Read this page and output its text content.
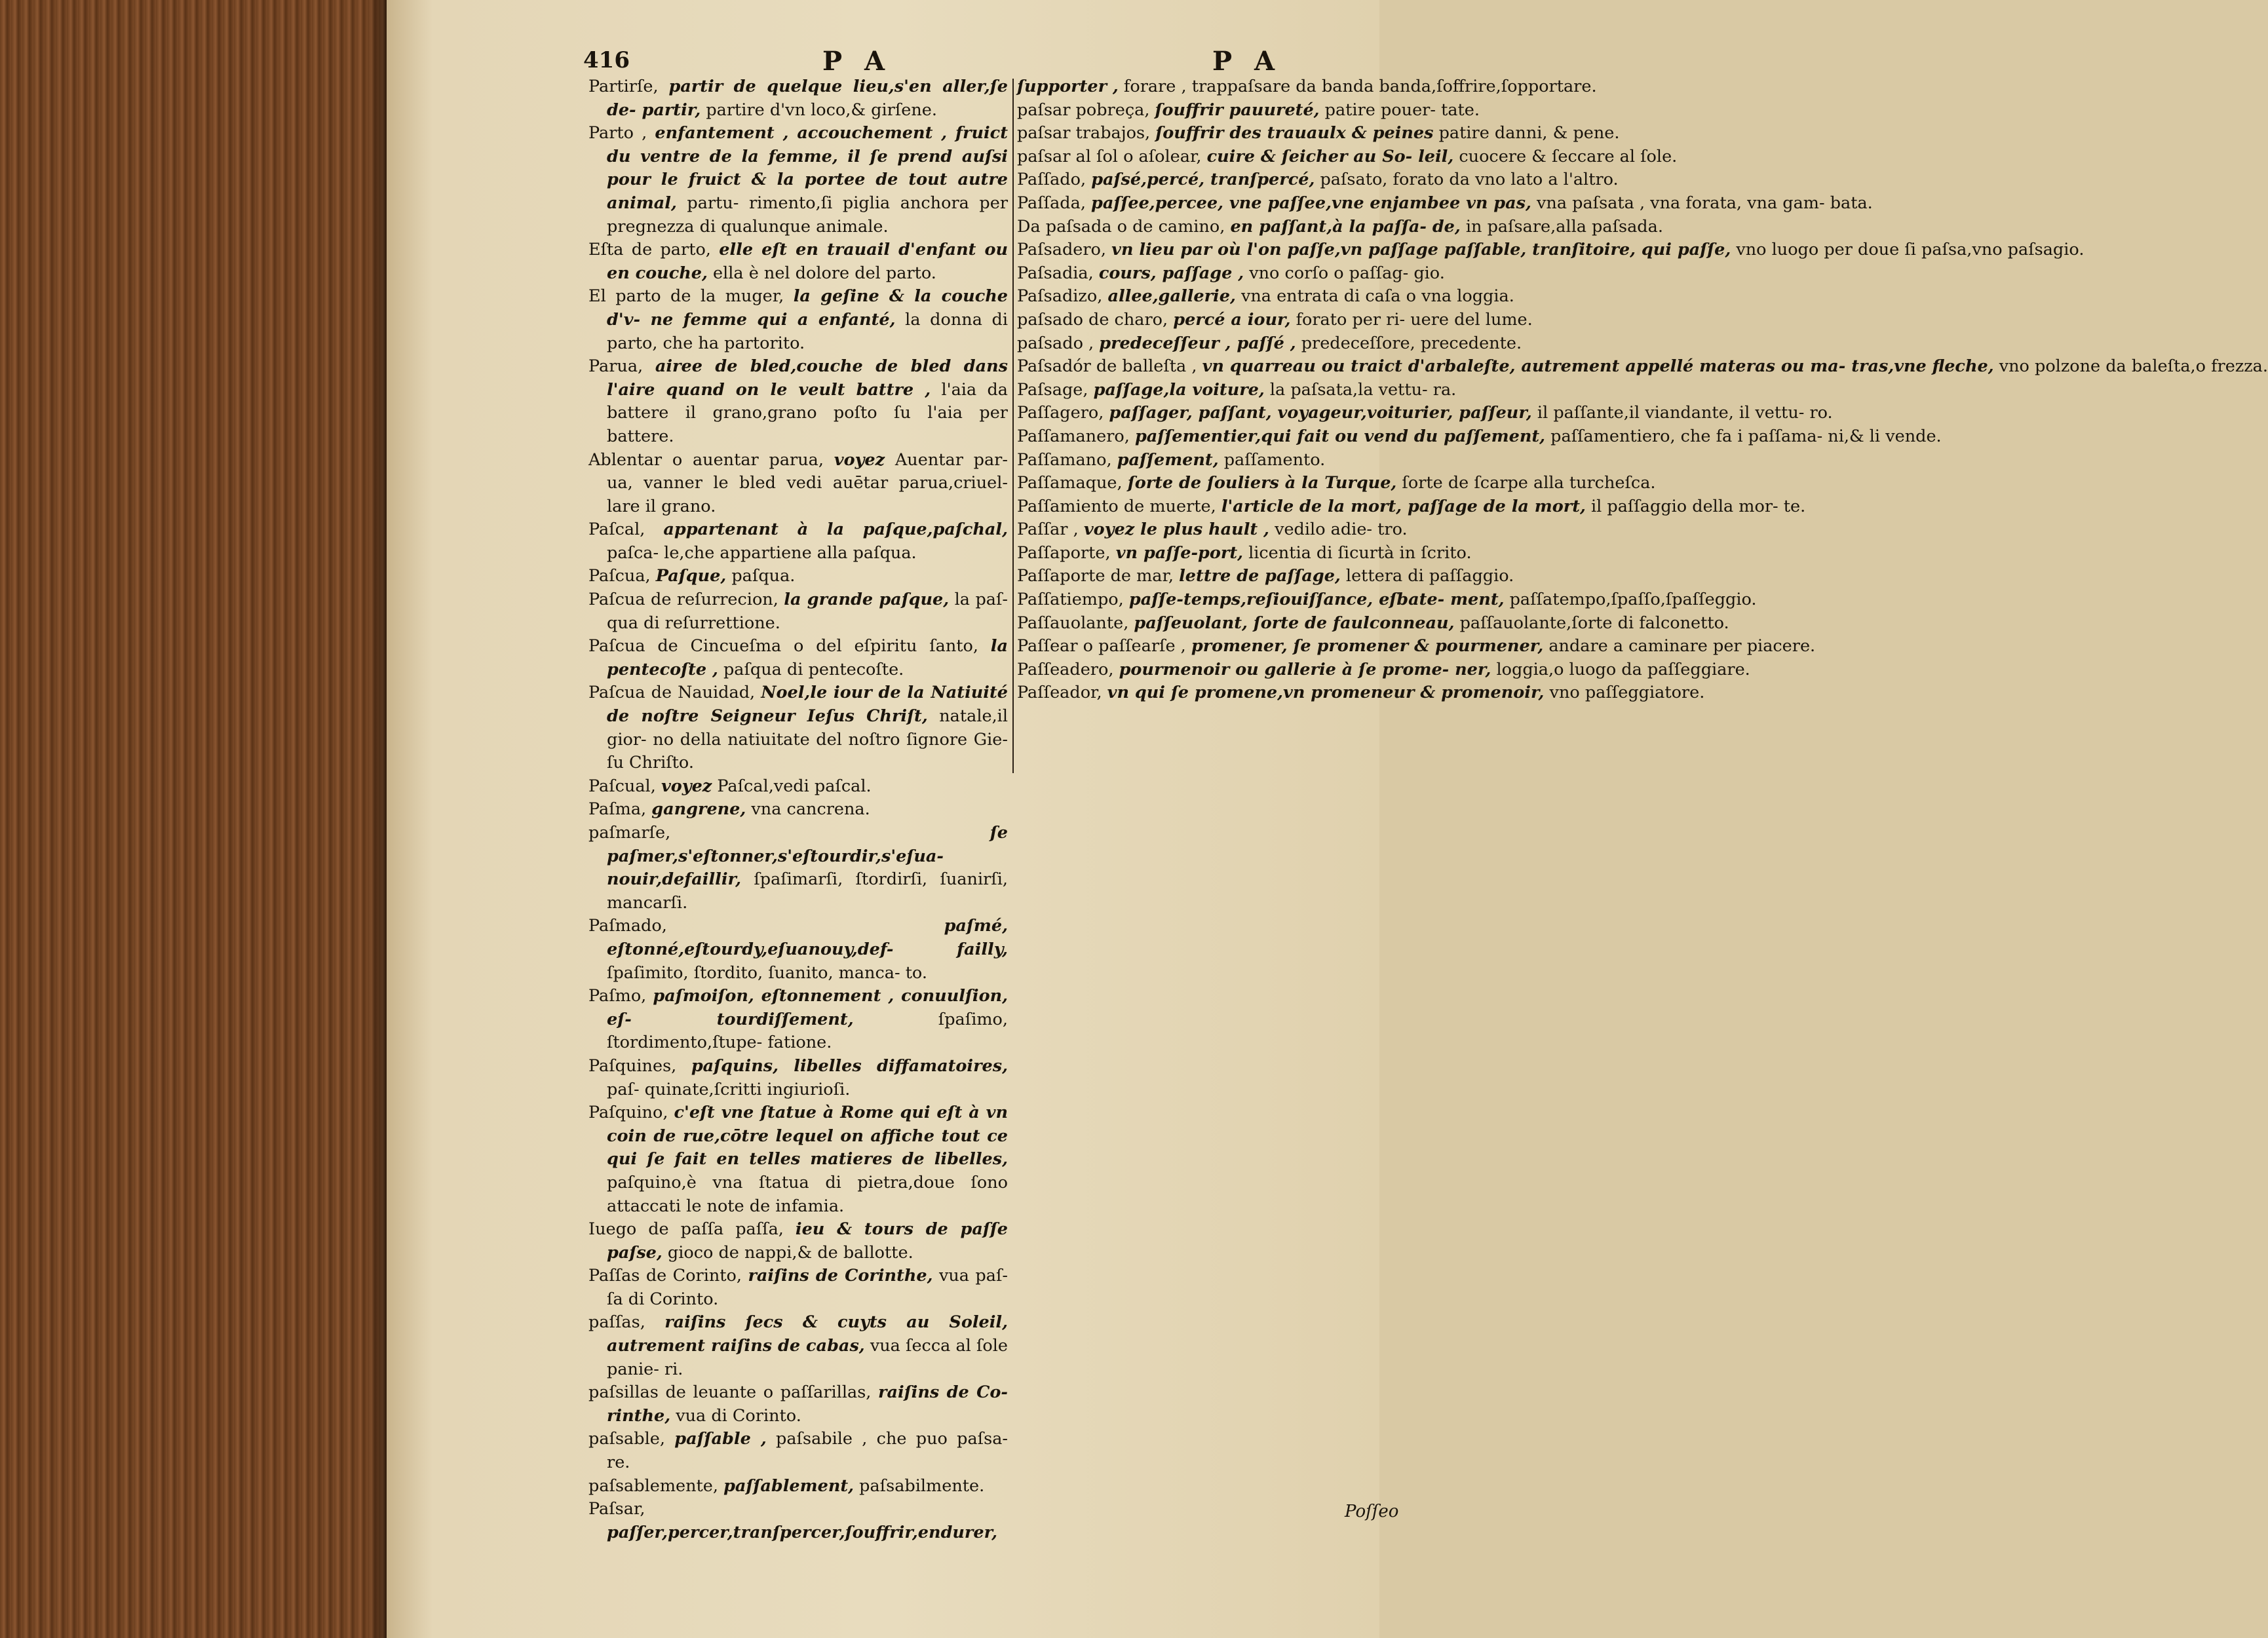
416	P A	P A
Partirſe, partir de quelque lieu,s'en aller,ſe de- partir, partire d'vn loco,& girſene.
Parto , enfantement , accouchement , fruict du ventre de la femme, il ſe prend auſsi pour le fruict & la portee de tout autre animal, partu- rimento,ſi piglia anchora per pregnezza di qualunque animale.
Eſta de parto, elle eſt en trauail d'enfant ou en couche, ella è nel dolore del parto.
El parto de la muger, la geſine & la couche d'v- ne femme qui a enfanté, la donna di parto, che ha partorito.
Parua, airee de bled,couche de bled dans l'aire quand on le veult battre , l'aia da battere il grano,grano poſto ſu l'aia per battere.
Ablentar o auentar parua, voyez Auentar par- ua, vanner le bled vedi auētar parua,criuel- lare il grano.
Paſcal, appartenant à la paſque,paſchal, paſca- le,che appartiene alla paſqua.
Paſcua, Paſque, paſqua.
Paſcua de reſurrecion, la grande paſque, la paſ- qua di reſurrettione.
Paſcua de Cincueſma o del eſpiritu ſanto, la pentecoſte , paſqua di pentecoſte.
Paſcua de Nauidad, Noel,le iour de la Natiuité de noſtre Seigneur Ieſus Chriſt, natale,il gior- no della natiuitate del noſtro ſignore Gie- ſu Chriſto.
Paſcual, voyez Paſcal,vedi paſcal.
Paſma, gangrene, vna cancrena.
paſmarſe,	ſe paſmer,s'eſtonner,s'eſtourdir,s'eſua- nouir,defaillir, ſpaſimarſi, ſtordirſi, ſuanirſi, mancarſi.
Paſmado,	paſmé, eſtonné,eſtourdy,eſuanouy,def- failly, ſpaſimito, ſtordito, ſuanito, manca- to.
Paſmo, paſmoiſon, eſtonnement , conuulſion, eſ- tourdiſſement,	ſpaſimo, ſtordimento,ſtupe- fatione.
Paſquines, paſquins, libelles diffamatoires, paſ- quinate,ſcritti ingiurioſi.
Paſquino, c'eſt vne ſtatue à Rome qui eſt à vn coin de rue,cōtre lequel on affiche tout ce qui ſe fait en telles matieres de libelles, paſquino,è vna ſtatua di pietra,doue ſono attaccati le note de infamia.
Iuego de paſſa paſſa, ieu & tours de paſſe paſse, gioco de nappi,& de ballotte.
Paſſas de Corinto, raiſins de Corinthe, vua paſ- ſa di Corinto.
paſſas, raiſins ſecs & cuyts au Soleil, autrement raiſins de cabas, vua ſecca al ſole panie- ri.
paſsillas de leuante o paſſarillas, raiſins de Co- rinthe, vua di Corinto.
paſsable, paſſable , paſsabile , che puo paſsa- re.
paſsablemente, paſſablement, paſsabilmente.
Paſsar, paſſer,percer,tranſpercer,ſouffrir,endurer,
ſupporter , forare , trappaſsare da banda banda,ſoffrire,ſopportare.
paſsar pobreça, ſouffrir pauureté, patire pouer- tate.
paſsar trabajos, ſouffrir des trauaulx & peines patire danni, & pene.
paſsar al ſol o aſolear, cuire & ſeicher au So- leil, cuocere & ſeccare al ſole.
Paſſado, paſsé,percé, tranſpercé, paſsato, forato da vno lato a l'altro.
Paſſada, paſſee,percee, vne paſſee,vne enjambee vn pas, vna paſsata , vna forata, vna gam- bata.
Da paſsada o de camino, en paſſant,à la paſſa- de, in paſsare,alla paſsada.
Paſsadero, vn lieu par où l'on paſſe,vn paſſage paſſable, tranſitoire, qui paſſe, vno luogo per doue ſi paſsa,vno paſsagio.
Paſsadia, cours, paſſage , vno corſo o paſſag- gio.
Paſsadizo, allee,gallerie, vna entrata di caſa o vna loggia.
paſsado de charo, percé a iour, forato per ri- uere del lume.
paſsado , predeceſſeur , paſſé , predeceſſore, precedente.
Paſsadór de balleſta , vn quarreau ou traict d'arbaleſte, autrement appellé materas ou ma- tras,vne fleche, vno polzone da baleſta,o frezza.
Paſsage, paſſage,la voiture, la paſsata,la vettu- ra.
Paſſagero, paſſager, paſſant, voyageur,voiturier, paſſeur, il paſſante,il viandante, il vettu- ro.
Paſſamanero, paſſementier,qui fait ou vend du paſſement, paſſamentiero, che fa i paſſama- ni,& li vende.
Paſſamano, paſſement, paſſamento.
Paſſamaque, ſorte de ſouliers à la Turque, ſorte de ſcarpe alla turcheſca.
Paſſamiento de muerte, l'article de la mort, paſſage de la mort, il paſſaggio della mor- te.
Paſſar , voyez le plus hault , vedilo adie- tro.
Paſſaporte, vn paſſe-port, licentia di ſicurtà in ſcrito.
Paſſaporte de mar, lettre de paſſage, lettera di paſſaggio.
Paſſatiempo, paſſe-temps,reſiouiſſance, eſbate- ment, paſſatempo,ſpaſſo,ſpaſſeggio.
Paſſauolante, paſſeuolant, ſorte de faulconneau, paſſauolante,ſorte di falconetto.
Paſſear o paſſearſe , promener, ſe promener & pourmener, andare a caminare per piacere.
Paſſeadero, pourmenoir ou gallerie à ſe prome- ner, loggia,o luogo da paſſeggiare.
Paſſeador, vn qui ſe promene,vn promeneur & promenoir, vno paſſeggiatore.
Poſſeo
